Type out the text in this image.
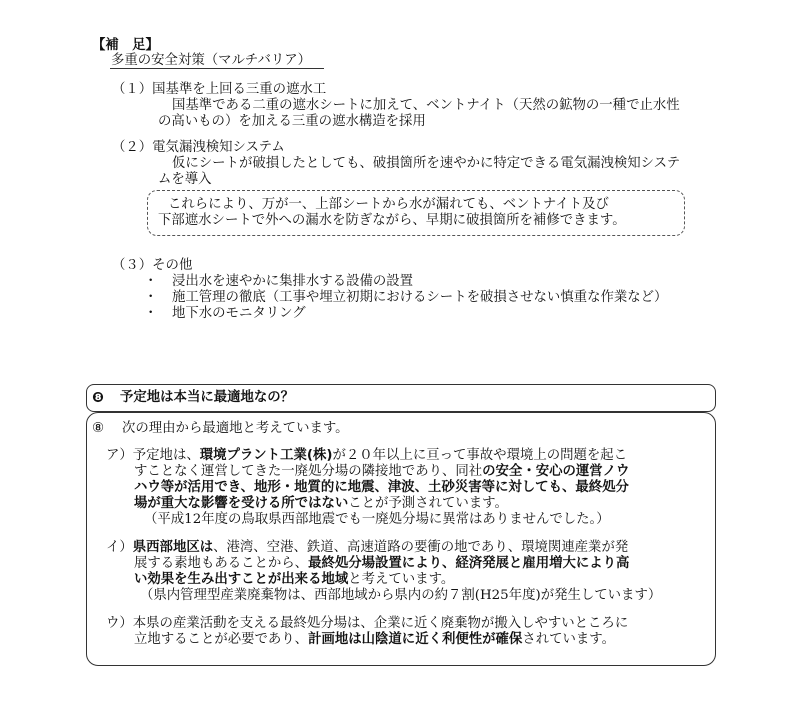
【補　足】
多重の安全対策（マルチバリア）
（１）国基準を上回る三重の遮水工
国基準である二重の遮水シートに加えて、ベントナイト（天然の鉱物の一種で止水性
の高いもの）を加える三重の遮水構造を採用
（２）電気漏洩検知システム
仮にシートが破損したとしても、破損箇所を速やかに特定できる電気漏洩検知システ
ムを導入
これらにより、万が一、上部シートから水が漏れても、ベントナイト及び
下部遮水シートで外への漏水を防ぎながら、早期に破損箇所を補修できます。
（３）その他
・ 浸出水を速やかに集排水する設備の設置
・ 施工管理の徹底（工事や埋立初期におけるシートを破損させない慎重な作業など）
・ 地下水のモニタリング
❽ 予定地は本当に最適地なの？
⑧ 次の理由から最適地と考えています。
ア）予定地は、環境プラント工業(株)が２０年以上に亘って事故や環境上の問題を起こ
すことなく運営してきた一廃処分場の隣接地であり、同社の安全・安心の運営ノウ
ハウ等が活用でき、地形・地質的に地震、津波、土砂災害等に対しても、最終処分
場が重大な影響を受ける所ではないことが予測されています。
（平成12年度の鳥取県西部地震でも一廃処分場に異常はありませんでした。）
イ）県西部地区は、港湾、空港、鉄道、高速道路の要衝の地であり、環境関連産業が発
展する素地もあることから、最終処分場設置により、経済発展と雇用増大により高
い効果を生み出すことが出来る地域と考えています。
（県内管理型産業廃棄物は、西部地域から県内の約７割(H25年度)が発生しています）
ウ）本県の産業活動を支える最終処分場は、企業に近く廃棄物が搬入しやすいところに
立地することが必要であり、計画地は山陰道に近く利便性が確保されています。
